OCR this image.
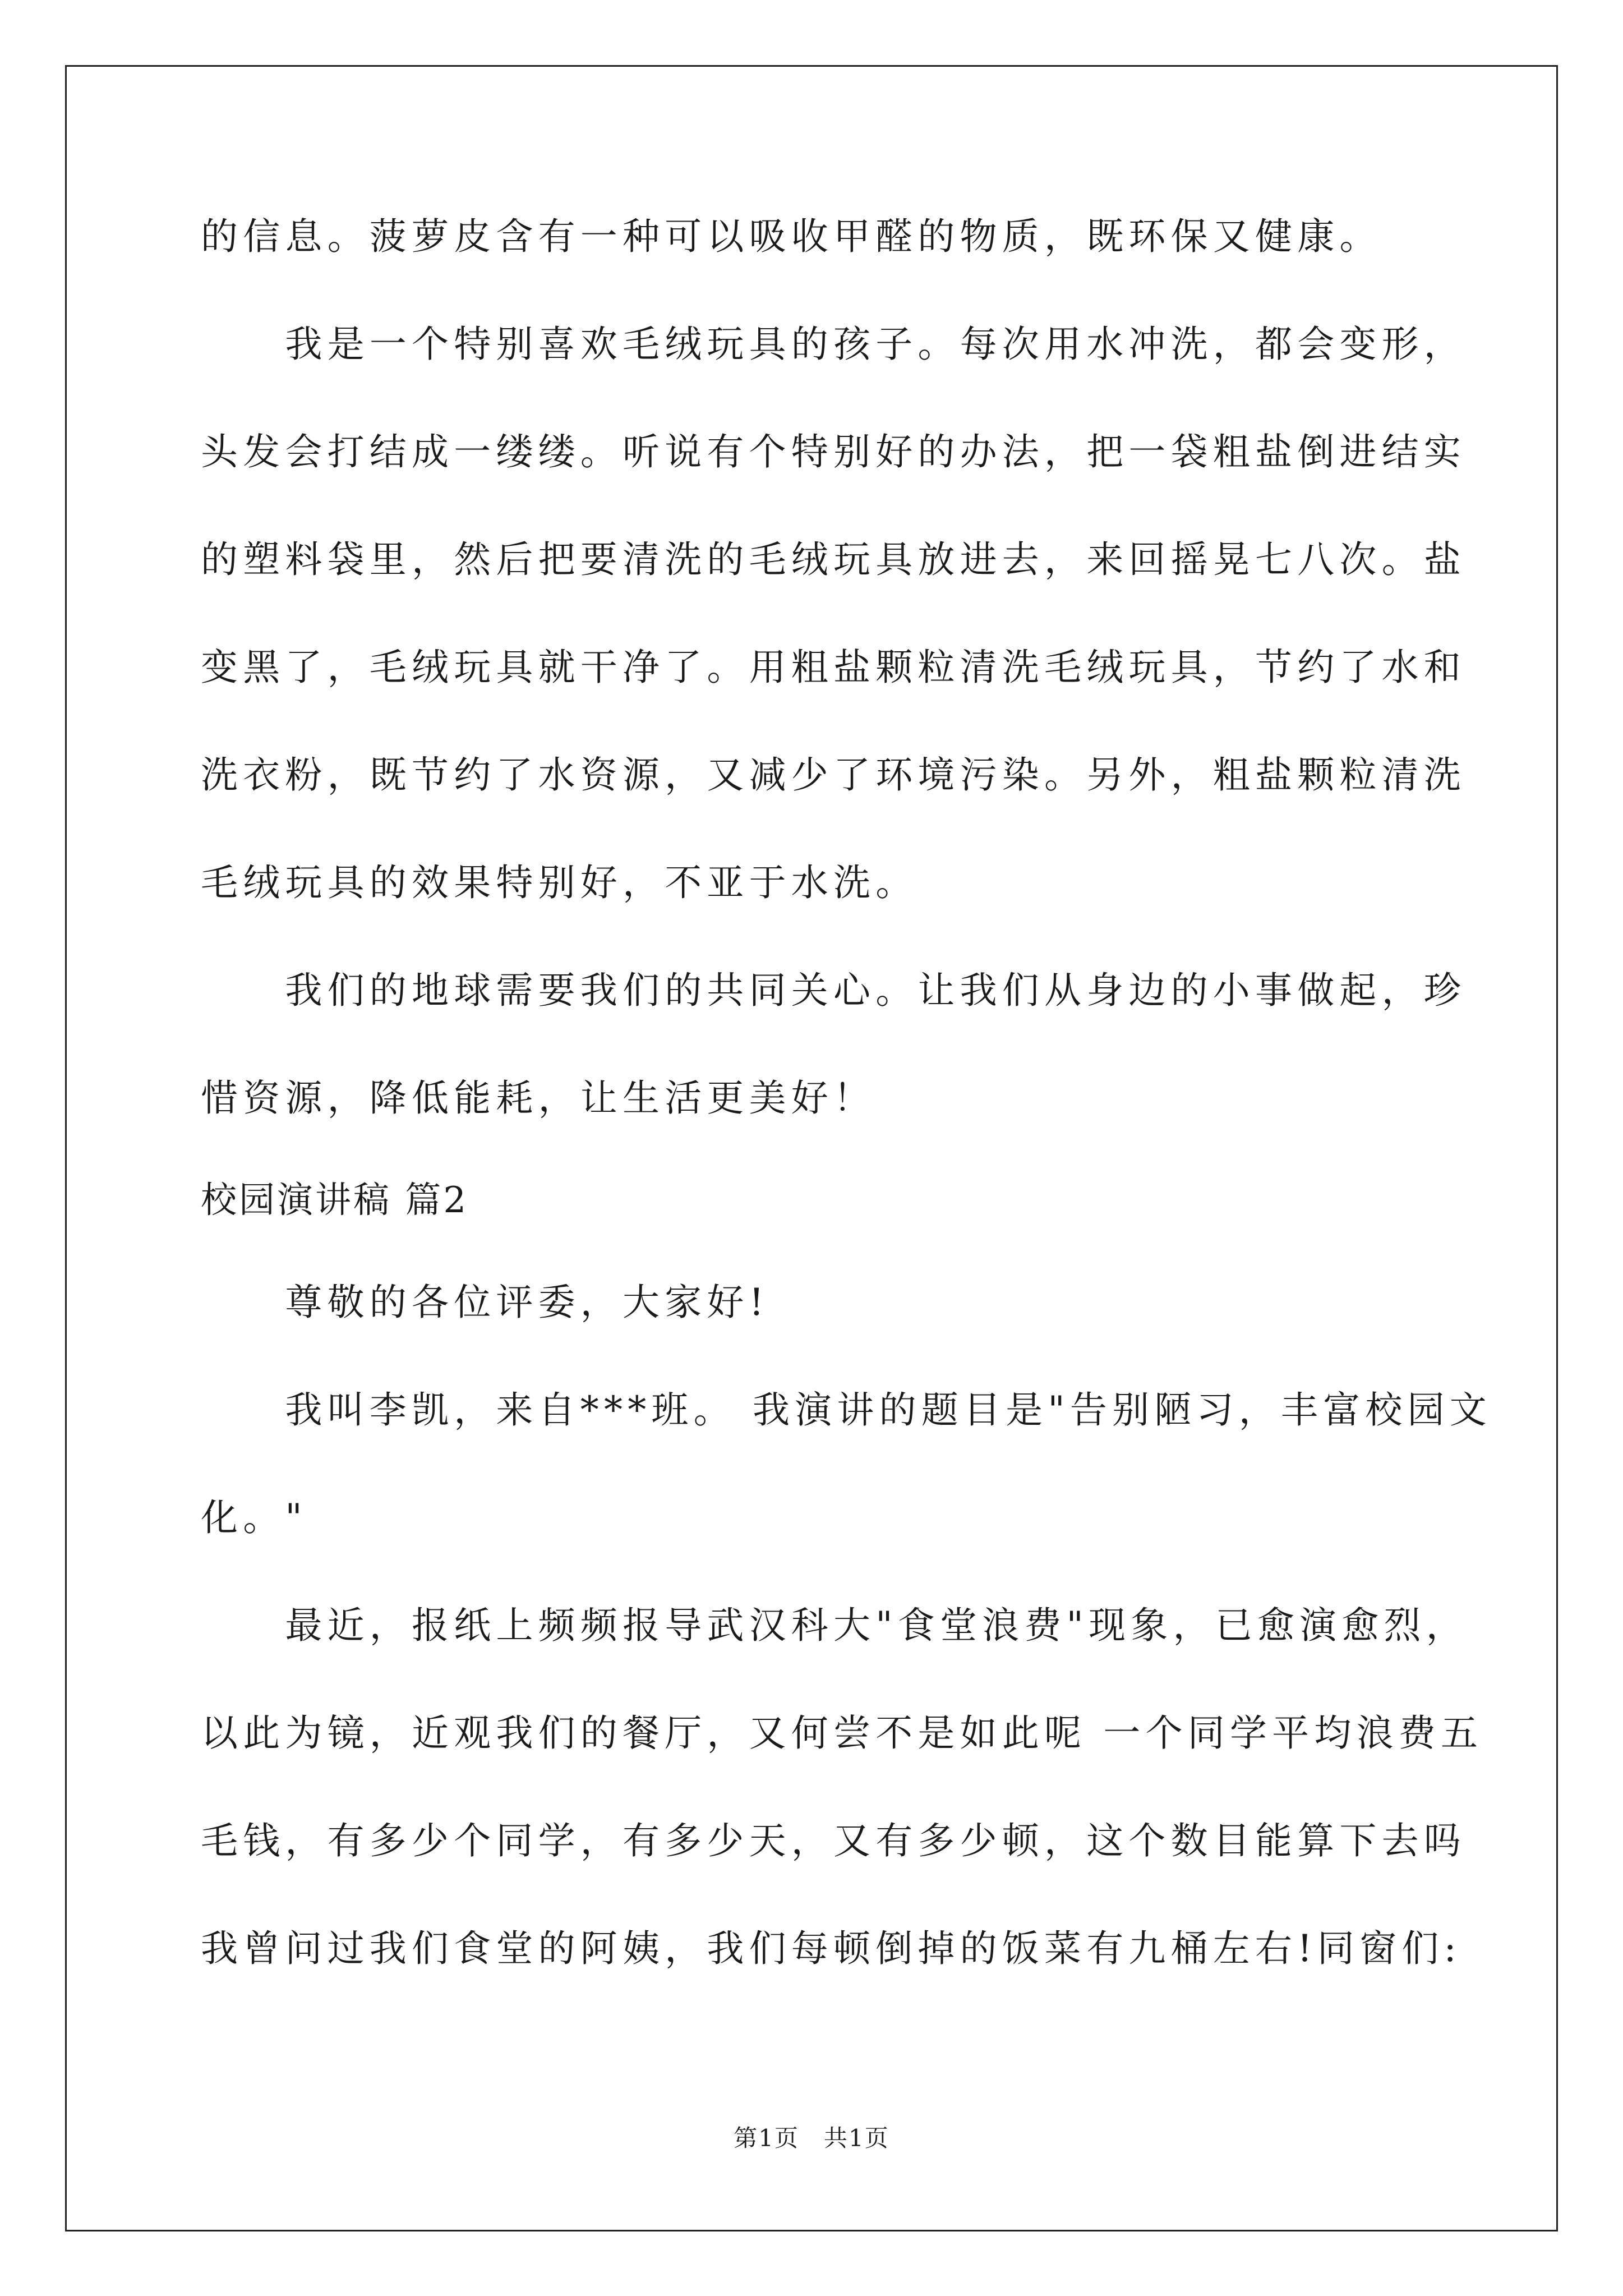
的信息。菠萝皮含有一种可以吸收甲醛的物质，既环保又健康。
　　我是一个特别喜欢毛绒玩具的孩子。每次用水冲洗，都会变形，
头发会打结成一缕缕。听说有个特别好的办法，把一袋粗盐倒进结实
的塑料袋里，然后把要清洗的毛绒玩具放进去，来回摇晃七八次。盐
变黑了，毛绒玩具就干净了。用粗盐颗粒清洗毛绒玩具，节约了水和
洗衣粉，既节约了水资源，又减少了环境污染。另外，粗盐颗粒清洗
毛绒玩具的效果特别好，不亚于水洗。
　　我们的地球需要我们的共同关心。让我们从身边的小事做起，珍
惜资源，降低能耗，让生活更美好！
校园演讲稿 篇2
　　尊敬的各位评委，大家好!
　　我叫李凯，来自***班。 我演讲的题目是"告别陋习，丰富校园文
化。"
　　最近，报纸上频频报导武汉科大"食堂浪费"现象，已愈演愈烈，
以此为镜，近观我们的餐厅，又何尝不是如此呢 一个同学平均浪费五
毛钱，有多少个同学，有多少天，又有多少顿，这个数目能算下去吗
我曾问过我们食堂的阿姨，我们每顿倒掉的饭菜有九桶左右!同窗们:
第1页　共1页
